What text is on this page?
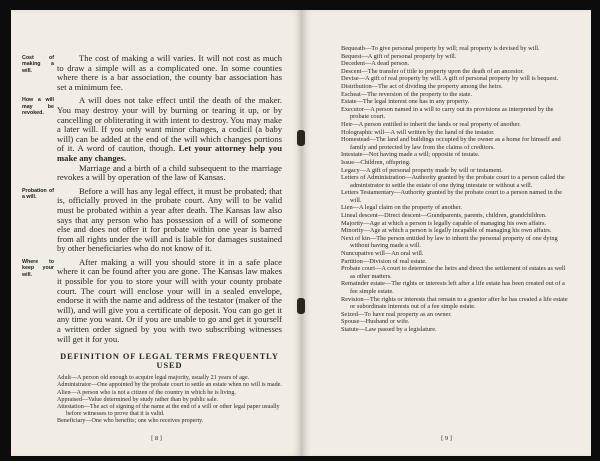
Cost of making a will.

The cost of making a will varies. It will not cost as much to draw a simple will as a complicated one. In some counties where there is a bar association, the county bar association has set a minimum fee.

How a will may be revoked.

A will does not take effect until the death of the maker. You may destroy your will by burning or tearing it up, or by cancelling or obliterating it with intent to destroy. You may make a later will. If you only want minor changes, a codicil (a baby will) can be added at the end of the will which changes portions of it. A word of caution, though. Let your attorney help you make any changes.

Marriage and a birth of a child subsequent to the marriage revokes a will by operation of the law of Kansas.

Probation of a will.

Before a will has any legal effect, it must be probated; that is, officially proved in the probate court. Any will to be valid must be probated within a year after death. The Kansas law also says that any person who has possession of a will of someone else and does not offer it for probate within one year is barred from all rights under the will and is liable for damages sustained by other beneficiaries who do not know of it.

Where to keep your will.

After making a will you should store it in a safe place where it can be found after you are gone. The Kansas law makes it possible for you to store your will with your county probate court. The court will enclose your will in a sealed envelope, endorse it with the name and address of the testator (maker of the will), and will give you a certificate of deposit. You can go get it any time you want. Or if you are unable to go and get it yourself a written order signed by you with two subscribing witnesses will get it for you.

DEFINITION OF LEGAL TERMS FREQUENTLY USED

Adult—A person old enough to acquire legal majority, usually 21 years of age.

Administrator—One appointed by the probate court to settle an estate when no will is made.

Alien—A person who is not a citizen of the country in which he is living.

Appraised—Value determined by study rather than by public sale.

Attestation—The act of signing of the name at the end of a will or other legal paper usually before witnesses to prove that it is valid.

Beneficiary—One who benefits; one who receives property.

[ 8 ]

Bequeath—To give personal property by will; real property is devised by will.

Bequest—A gift of personal property by will.

Decedent—A dead person.

Descent—The transfer of title to property upon the death of an ancestor.

Devise—A gift of real property by will. A gift of personal property by will is bequest.

Distribution—The act of dividing the property among the heirs.

Escheat—The reversion of the property to the state.

Estate—The legal interest one has in any property.

Executor—A person named in a will to carry out its provisions as interpreted by the probate court.

Heir—A person entitled to inherit the lands or real property of another.

Holographic will—A will written by the hand of the testator.

Homestead—The land and buildings occupied by the owner as a home for himself and family and protected by law from the claims of creditors.

Intestate—Not having made a will; opposite of testate.

Issue—Children, offspring.

Legacy—A gift of personal property made by will or testament.

Letters of Administration—Authority granted by the probate court to a person called the administrator to settle the estate of one dying intestate or without a will.

Letters Testamentary—Authority granted by the probate court to a person named in the will.

Lien—A legal claim on the property of another.

Lineal descent—Direct descent—Grandparents, parents, children, grandchildren.

Majority—Age at which a person is legally capable of managing his own affairs.

Minority—Age at which a person is legally incapable of managing his own affairs.

Next of kin—The person entitled by law to inherit the personal property of one dying without having made a will.

Nuncupative will—An oral will.

Partition—Division of real estate.

Probate court—A court to determine the heirs and direct the settlement of estates as well as other matters.

Remainder estate—The rights or interests left after a life estate has been created out of a fee simple estate.

Revision—The rights or interests that remain to a grantor after he has created a life estate or subordinate interests out of a fee simple estate.

Seized—To have real property as an owner.

Spouse—Husband or wife.

Statute—Law passed by a legislature.

[ 9 ]
